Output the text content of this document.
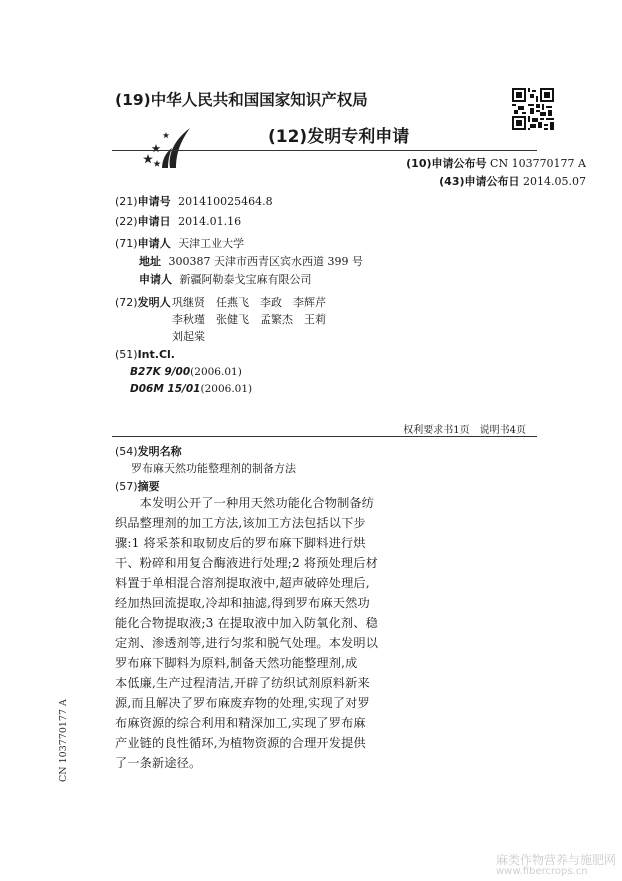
(19)中华人民共和国国家知识产权局
(12)发明专利申请
(10)申请公布号 CN 103770177 A
(43)申请公布日 2014.05.07
(21)申请号 201410025464.8
(22)申请日 2014.01.16
(71)申请人 天津工业大学
地址 300387 天津市西青区宾水西道 399 号
申请人 新疆阿勒泰戈宝麻有限公司
(72)发明人 巩继贤　任燕飞　李政　李辉芹
李秋瑾　张健飞　孟繁杰　王莉
刘起棠
(51)Int.Cl.
B27K 9/00(2006.01)
D06M 15/01(2006.01)
权利要求书1页　说明书4页
(54)发明名称
罗布麻天然功能整理剂的制备方法
(57)摘要
　　本发明公开了一种用天然功能化合物制备纺
织品整理剂的加工方法,该加工方法包括以下步
骤:1 将采茶和取韧皮后的罗布麻下脚料进行烘
干、粉碎和用复合酶液进行处理;2 将预处理后材
料置于单相混合溶剂提取液中,超声破碎处理后,
经加热回流提取,冷却和抽滤,得到罗布麻天然功
能化合物提取液;3 在提取液中加入防氧化剂、稳
定剂、渗透剂等,进行匀浆和脱气处理。本发明以
罗布麻下脚料为原料,制备天然功能整理剂,成
本低廉,生产过程清洁,开辟了纺织试剂原料新来
源,而且解决了罗布麻废弃物的处理,实现了对罗
布麻资源的综合利用和精深加工,实现了罗布麻
产业链的良性循环,为植物资源的合理开发提供
了一条新途径。
CN 103770177 A
麻类作物营养与施肥网
www.fibercrops.cn
